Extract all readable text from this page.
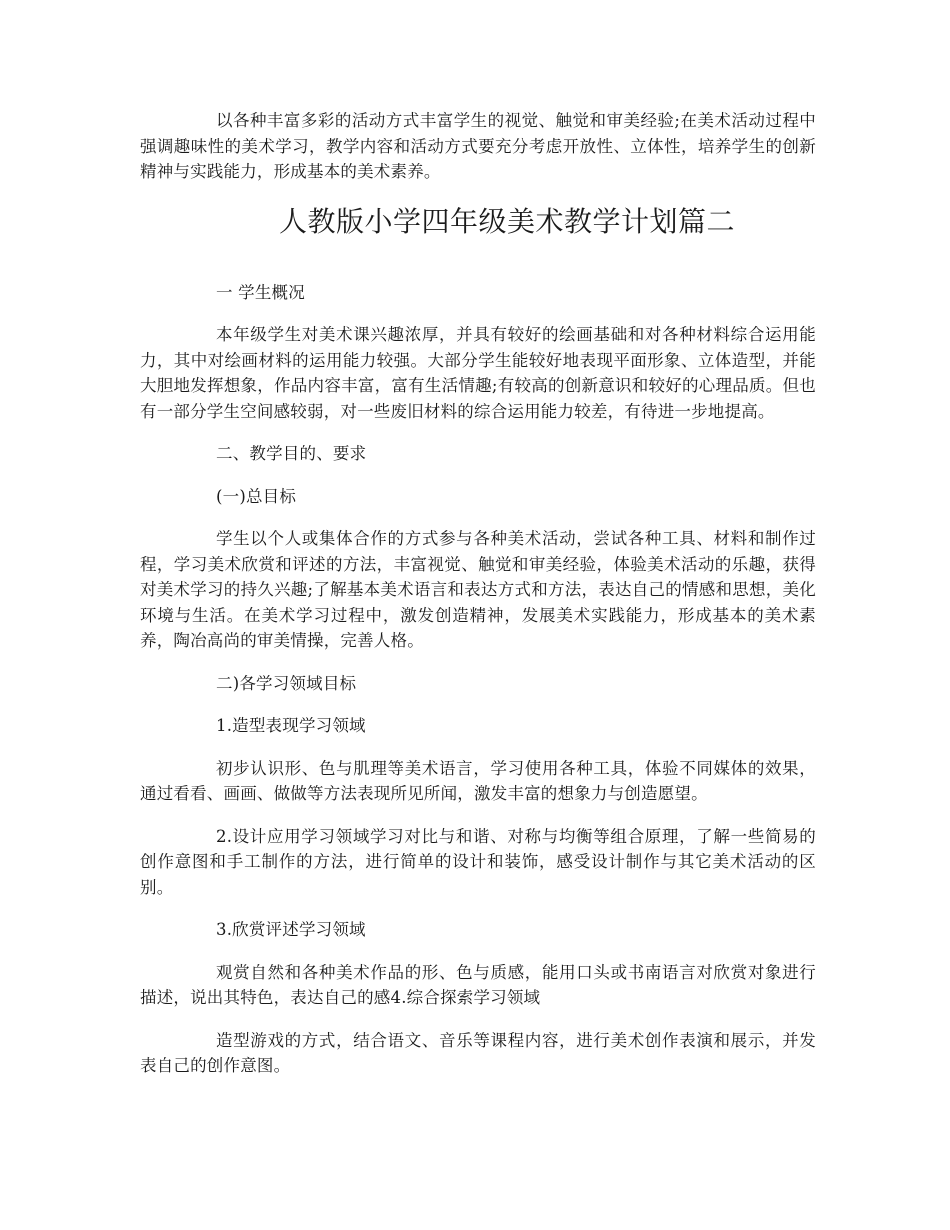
以各种丰富多彩的活动方式丰富学生的视觉、触觉和审美经验;在美术活动过程中强调趣味性的美术学习，教学内容和活动方式要充分考虑开放性、立体性，培养学生的创新精神与实践能力，形成基本的美术素养。

人教版小学四年级美术教学计划篇二

一 学生概况

本年级学生对美术课兴趣浓厚，并具有较好的绘画基础和对各种材料综合运用能力，其中对绘画材料的运用能力较强。大部分学生能较好地表现平面形象、立体造型，并能大胆地发挥想象，作品内容丰富，富有生活情趣;有较高的创新意识和较好的心理品质。但也有一部分学生空间感较弱，对一些废旧材料的综合运用能力较差，有待进一步地提高。

二、教学目的、要求

(一)总目标

学生以个人或集体合作的方式参与各种美术活动，尝试各种工具、材料和制作过程，学习美术欣赏和评述的方法，丰富视觉、触觉和审美经验，体验美术活动的乐趣，获得对美术学习的持久兴趣;了解基本美术语言和表达方式和方法，表达自己的情感和思想，美化环境与生活。在美术学习过程中，激发创造精神，发展美术实践能力，形成基本的美术素养，陶冶高尚的审美情操，完善人格。

二)各学习领域目标

1.造型表现学习领域

初步认识形、色与肌理等美术语言，学习使用各种工具，体验不同媒体的效果，通过看看、画画、做做等方法表现所见所闻，激发丰富的想象力与创造愿望。

2.设计应用学习领域学习对比与和谐、对称与均衡等组合原理，了解一些简易的创作意图和手工制作的方法，进行简单的设计和装饰，感受设计制作与其它美术活动的区别。

3.欣赏评述学习领域

观赏自然和各种美术作品的形、色与质感，能用口头或书南语言对欣赏对象进行描述，说出其特色，表达自己的感4.综合探索学习领域

造型游戏的方式，结合语文、音乐等课程内容，进行美术创作表演和展示，并发表自己的创作意图。
